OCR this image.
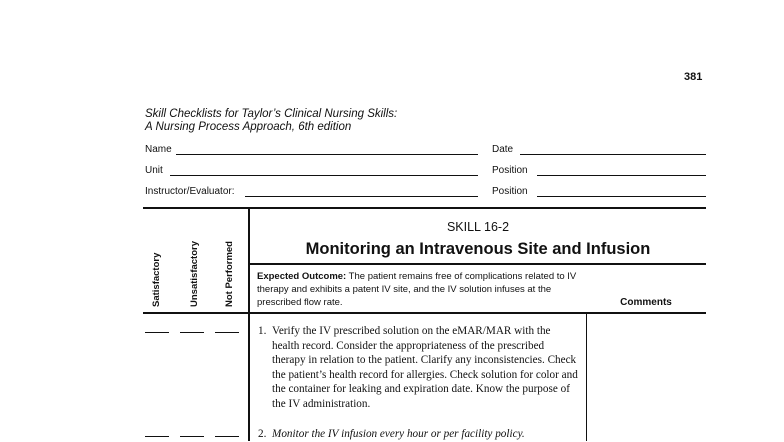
381
Skill Checklists for Taylor’s Clinical Nursing Skills:
A Nursing Process Approach, 6th edition
Name	Date
Unit	Position
Instructor/Evaluator:	Position
Satisfactory	Unsatisfactory	Not Performed
SKILL 16-2
Monitoring an Intravenous Site and Infusion
Expected Outcome: The patient remains free of complications related to IV therapy and exhibits a patent IV site, and the IV solution infuses at the prescribed flow rate.	Comments
1. Verify the IV prescribed solution on the eMAR/MAR with the health record. Consider the appropriateness of the prescribed therapy in relation to the patient. Clarify any inconsistencies. Check the patient’s health record for allergies. Check solution for color and the container for leaking and expiration date. Know the purpose of the IV administration.
2. Monitor the IV infusion every hour or per facility policy.
